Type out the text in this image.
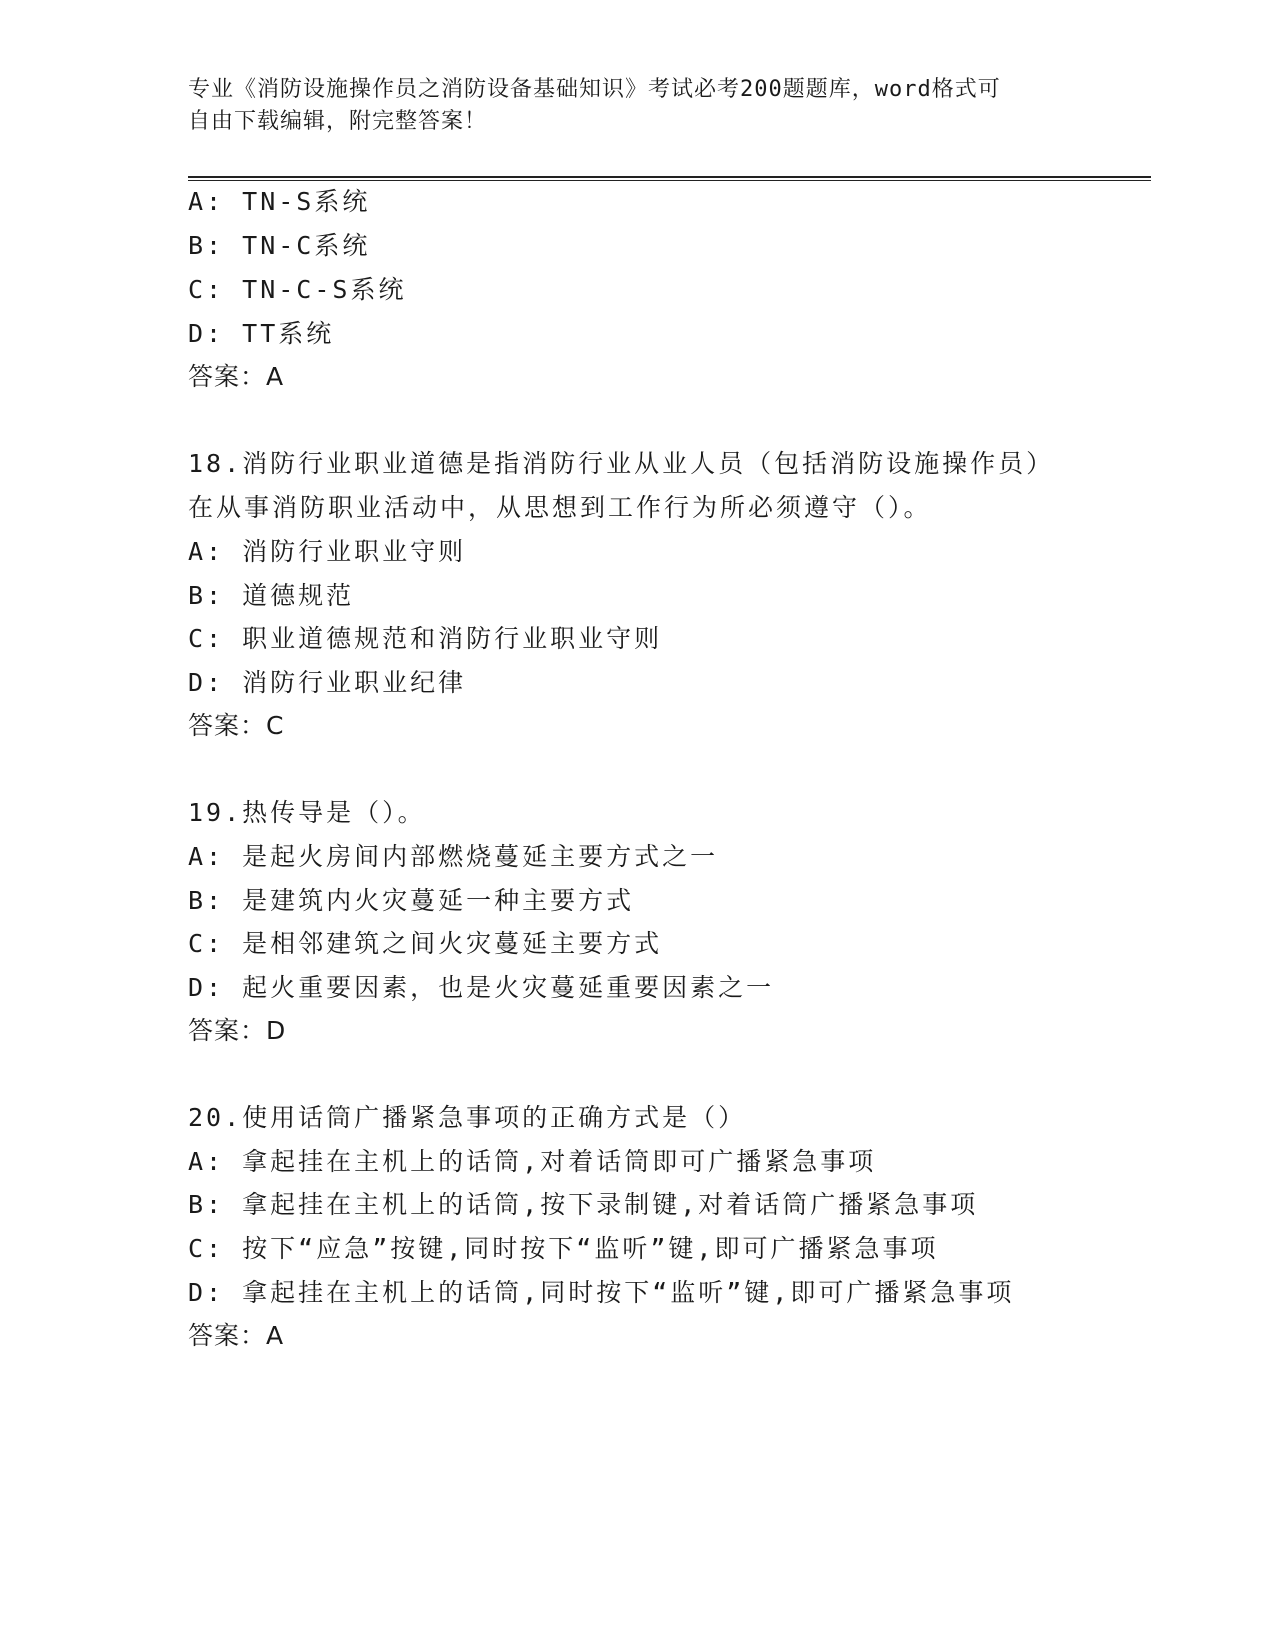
专业《消防设施操作员之消防设备基础知识》考试必考200题题库，word格式可
自由下载编辑，附完整答案！
A: TN-S系统
B: TN-C系统
C: TN-C-S系统
D: TT系统
答案：A
18.消防行业职业道德是指消防行业从业人员（包括消防设施操作员）
在从事消防职业活动中，从思想到工作行为所必须遵守（）。
A: 消防行业职业守则
B: 道德规范
C: 职业道德规范和消防行业职业守则
D: 消防行业职业纪律
答案：C
19.热传导是（）。
A: 是起火房间内部燃烧蔓延主要方式之一
B: 是建筑内火灾蔓延一种主要方式
C: 是相邻建筑之间火灾蔓延主要方式
D: 起火重要因素，也是火灾蔓延重要因素之一
答案：D
20.使用话筒广播紧急事项的正确方式是（）
A: 拿起挂在主机上的话筒,对着话筒即可广播紧急事项
B: 拿起挂在主机上的话筒,按下录制键,对着话筒广播紧急事项
C: 按下“应急”按键,同时按下“监听”键,即可广播紧急事项
D: 拿起挂在主机上的话筒,同时按下“监听”键,即可广播紧急事项
答案：A
